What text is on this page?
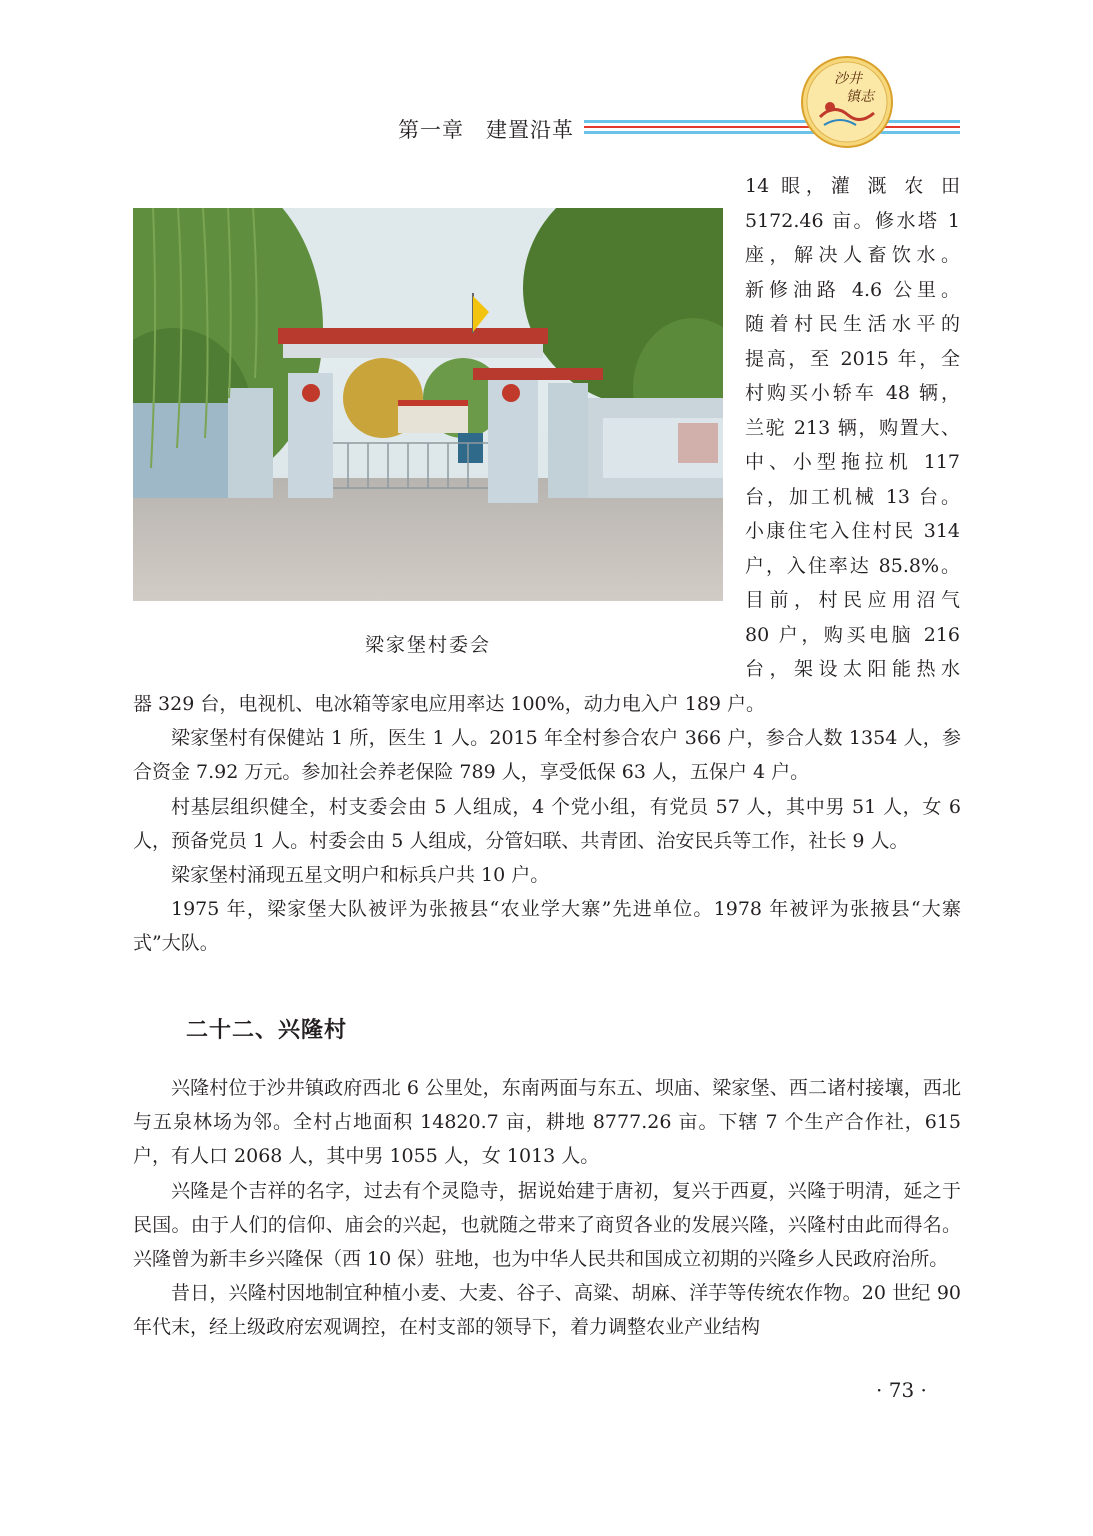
第一章　建置沿革
沙井
镇志
梁家堡村委会
14 眼，灌 溉 农 田
5172.46 亩。修水塔 1
座，解决人畜饮水。
新修油路 4.6 公里。
随着村民生活水平的
提高，至 2015 年，全
村购买小轿车 48 辆，
兰驼 213 辆，购置大、
中、小型拖拉机 117
台，加工机械 13 台。
小康住宅入住村民 314
户，入住率达 85.8%。
目前，村民应用沼气
80 户，购买电脑 216
台，架设太阳能热水

器 329 台，电视机、电冰箱等家电应用率达 100%，动力电入户 189 户。

梁家堡村有保健站 1 所，医生 1 人。2015 年全村参合农户 366 户，参合人数 1354 人，参合资金 7.92 万元。参加社会养老保险 789 人，享受低保 63 人，五保户 4 户。

村基层组织健全，村支委会由 5 人组成，4 个党小组，有党员 57 人，其中男 51 人，女 6 人，预备党员 1 人。村委会由 5 人组成，分管妇联、共青团、治安民兵等工作，社长 9 人。

梁家堡村涌现五星文明户和标兵户共 10 户。

1975 年，梁家堡大队被评为张掖县“农业学大寨”先进单位。1978 年被评为张掖县“大寨式”大队。

二十二、兴隆村

兴隆村位于沙井镇政府西北 6 公里处，东南两面与东五、坝庙、梁家堡、西二诸村接壤，西北与五泉林场为邻。全村占地面积 14820.7 亩，耕地 8777.26 亩。下辖 7 个生产合作社，615 户，有人口 2068 人，其中男 1055 人，女 1013 人。

兴隆是个吉祥的名字，过去有个灵隐寺，据说始建于唐初，复兴于西夏，兴隆于明清，延之于民国。由于人们的信仰、庙会的兴起，也就随之带来了商贸各业的发展兴隆，兴隆村由此而得名。兴隆曾为新丰乡兴隆保（西 10 保）驻地，也为中华人民共和国成立初期的兴隆乡人民政府治所。

昔日，兴隆村因地制宜种植小麦、大麦、谷子、高粱、胡麻、洋芋等传统农作物。20 世纪 90 年代末，经上级政府宏观调控，在村支部的领导下，着力调整农业产业结构

· 73 ·
